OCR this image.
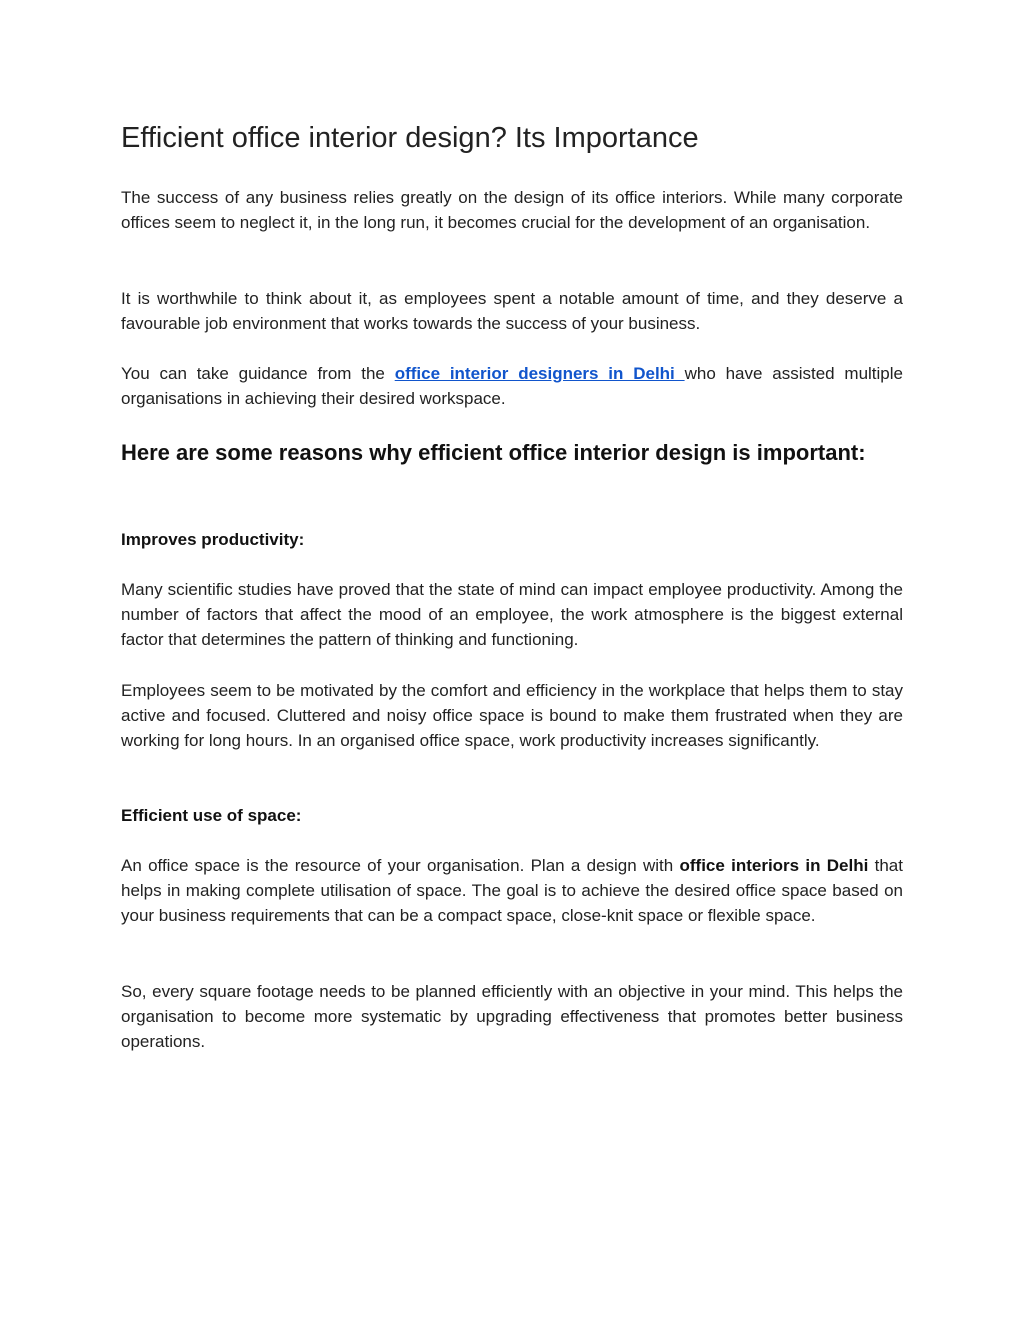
Efficient office interior design? Its Importance

The success of any business relies greatly on the design of its office interiors. While many corporate offices seem to neglect it, in the long run, it becomes crucial for the development of an organisation.

It is worthwhile to think about it, as employees spent a notable amount of time, and they deserve a favourable job environment that works towards the success of your business.

You can take guidance from the office interior designers in Delhi who have assisted multiple organisations in achieving their desired workspace.

Here are some reasons why efficient office interior design is important:
Improves productivity:

Many scientific studies have proved that the state of mind can impact employee productivity. Among the number of factors that affect the mood of an employee, the work atmosphere is the biggest external factor that determines the pattern of thinking and functioning.

Employees seem to be motivated by the comfort and efficiency in the workplace that helps them to stay active and focused. Cluttered and noisy office space is bound to make them frustrated when they are working for long hours. In an organised office space, work productivity increases significantly.

Efficient use of space:

An office space is the resource of your organisation. Plan a design with office interiors in Delhi that helps in making complete utilisation of space. The goal is to achieve the desired office space based on your business requirements that can be a compact space, close-knit space or flexible space.

So, every square footage needs to be planned efficiently with an objective in your mind. This helps the organisation to become more systematic by upgrading effectiveness that promotes better business operations.
